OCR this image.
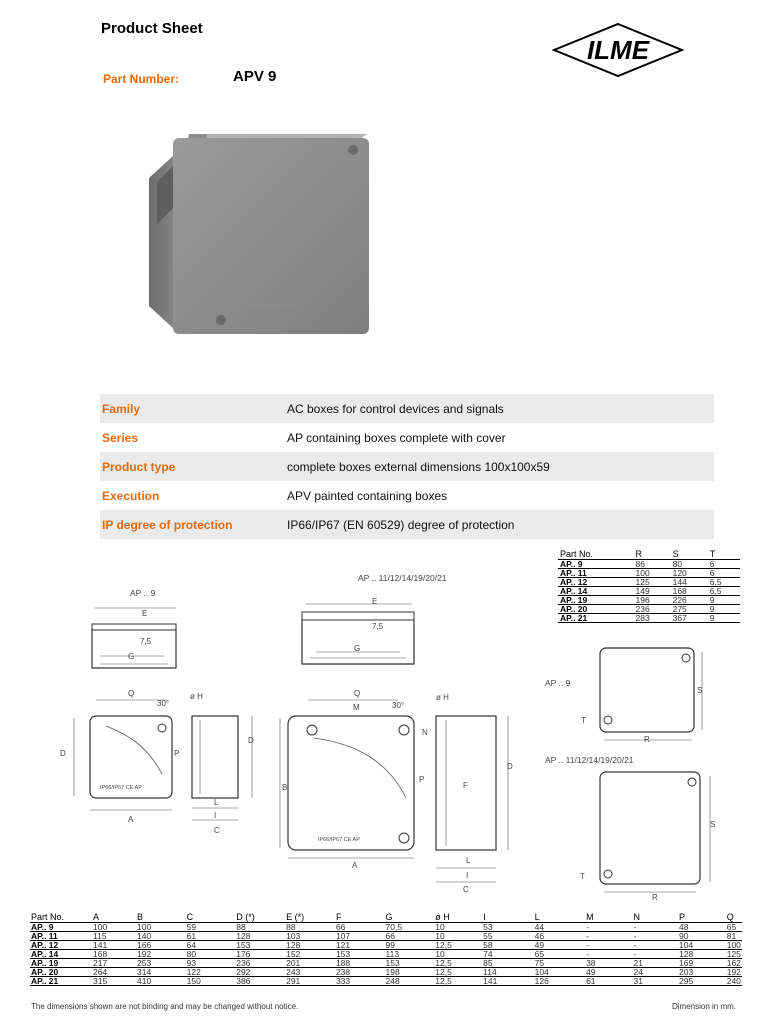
Product Sheet
ILME
Part Number:	APV 9
Family	AC boxes for control devices and signals
Series	AP containing boxes complete with cover
Product type	complete boxes external dimensions 100x100x59
Execution	APV painted containing boxes
IP degree of protection	IP66/IP67 (EN 60529) degree of protection
Part No.	R	S	T
AP.. 9	86	80	6
AP.. 11	100	120	6
AP.. 12	125	144	6,5
AP.. 14	149	168	6,5
AP.. 19	196	226	9
AP.. 20	236	275	9
AP.. 21	283	367	9
AP .. 9
AP .. 11/12/14/19/20/21
AP .. 9
AP .. 11/12/14/19/20/21
E
7,5
G
E
7,5
G
Q
30°
ø H
D	P
D
IP66/IP67 CE AP
A
L
I
C
Q
M	30°
ø H
N
B
P
F
D
IP66/IP67 CE AP
A
L
I
C
S
T
R
S
T
R
Part No.	A	B	C	D (*)	E (*)	F	G	ø H	I	L	M	N	P	Q
AP.. 9	100	100	59	88	88	66	70,5	10	53	44	-	-	48	65
AP.. 11	115	140	61	128	103	107	66	10	55	46	-	-	90	81
AP.. 12	141	166	64	153	128	121	99	12,5	58	49	-	-	104	100
AP.. 14	168	192	80	176	152	153	113	10	74	65	-	-	128	125
AP.. 19	217	253	93	236	201	188	153	12,5	85	75	38	21	169	162
AP.. 20	264	314	122	292	243	238	198	12,5	114	104	49	24	203	192
AP.. 21	315	410	150	386	291	333	248	12,5	141	126	61	31	295	240
The dimensions shown are not binding and may be changed without notice.	Dimension in mm.
